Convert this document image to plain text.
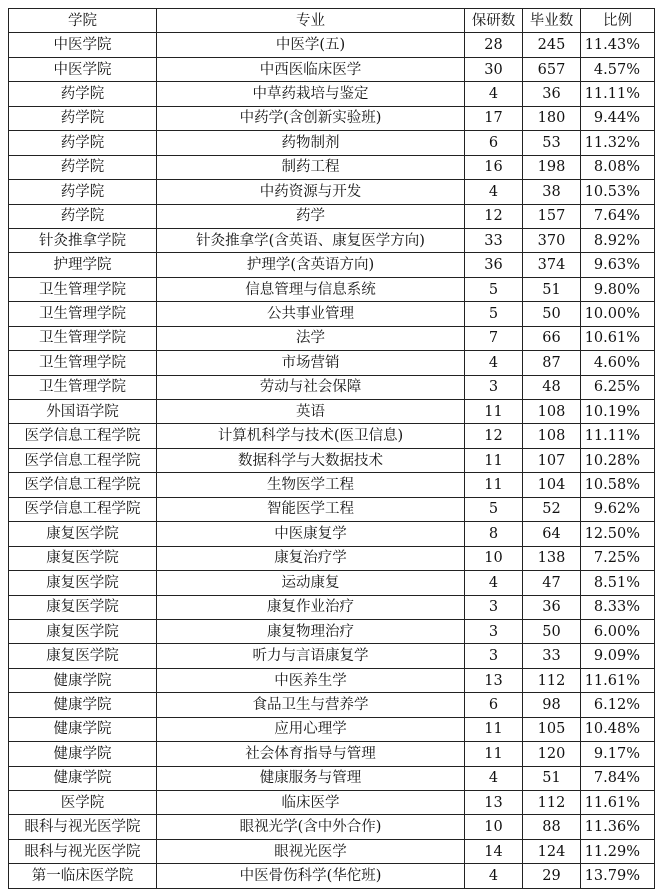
学院	专业	保研数	毕业数	比例
中医学院	中医学(五)	28	245	11.43%
中医学院	中西医临床医学	30	657	4.57%
药学院	中草药栽培与鉴定	4	36	11.11%
药学院	中药学(含创新实验班)	17	180	9.44%
药学院	药物制剂	6	53	11.32%
药学院	制药工程	16	198	8.08%
药学院	中药资源与开发	4	38	10.53%
药学院	药学	12	157	7.64%
针灸推拿学院	针灸推拿学(含英语、康复医学方向)	33	370	8.92%
护理学院	护理学(含英语方向)	36	374	9.63%
卫生管理学院	信息管理与信息系统	5	51	9.80%
卫生管理学院	公共事业管理	5	50	10.00%
卫生管理学院	法学	7	66	10.61%
卫生管理学院	市场营销	4	87	4.60%
卫生管理学院	劳动与社会保障	3	48	6.25%
外国语学院	英语	11	108	10.19%
医学信息工程学院	计算机科学与技术(医卫信息)	12	108	11.11%
医学信息工程学院	数据科学与大数据技术	11	107	10.28%
医学信息工程学院	生物医学工程	11	104	10.58%
医学信息工程学院	智能医学工程	5	52	9.62%
康复医学院	中医康复学	8	64	12.50%
康复医学院	康复治疗学	10	138	7.25%
康复医学院	运动康复	4	47	8.51%
康复医学院	康复作业治疗	3	36	8.33%
康复医学院	康复物理治疗	3	50	6.00%
康复医学院	听力与言语康复学	3	33	9.09%
健康学院	中医养生学	13	112	11.61%
健康学院	食品卫生与营养学	6	98	6.12%
健康学院	应用心理学	11	105	10.48%
健康学院	社会体育指导与管理	11	120	9.17%
健康学院	健康服务与管理	4	51	7.84%
医学院	临床医学	13	112	11.61%
眼科与视光医学院	眼视光学(含中外合作)	10	88	11.36%
眼科与视光医学院	眼视光医学	14	124	11.29%
第一临床医学院	中医骨伤科学(华佗班)	4	29	13.79%
